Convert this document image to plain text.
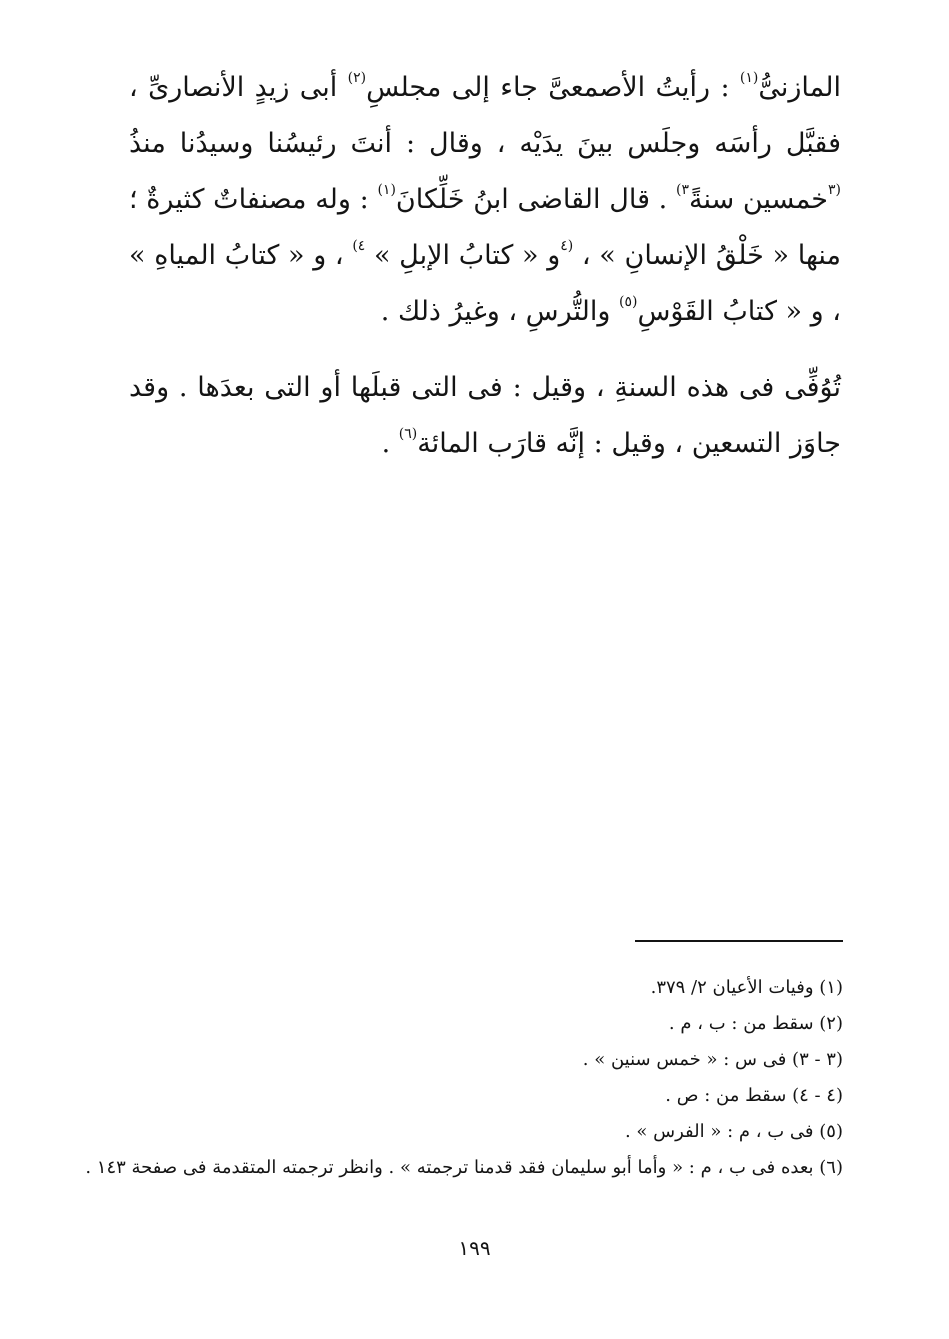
المازنىُّ$^{(١)}$ : رأيتُ الأصمعىَّ جاء إلى مجلسِ$^{(٢)}$ أبى زيدٍ الأنصارىِّ ، فقبَّل رأسَه وجلَس بينَ يدَيْه ، وقال : أنتَ رئيسُنا وسيدُنا منذُ $^{(٣}$خمسين سنةً$^{٣)}$ . قال القاضى ابنُ خَلِّكانَ$^{(١)}$ : وله مصنفاتٌ كثيرةٌ ؛ منها « خَلْقُ الإنسانِ » ، $^{(٤}$و « كتابُ الإبلِ » $^{٤)}$ ، و « كتابُ المياهِ » ، و « كتابُ القَوْسِ$^{(٥)}$ والتُّرسِ ، وغيرُ ذلك .

تُوُفِّى فى هذه السنةِ ، وقيل : فى التى قبلَها أو التى بعدَها . وقد جاوَز التسعين ، وقيل : إنَّه قارَب المائة$^{(٦)}$ .

(١) وفيات الأعيان ٢/ ٣٧٩.

(٢) سقط من : ب ، م .

(٣ - ٣) فى س : « خمس سنين » .

(٤ - ٤) سقط من : ص .

(٥) فى ب ، م : « الفرس » .

(٦) بعده فى ب ، م : « وأما أبو سليمان فقد قدمنا ترجمته » . وانظر ترجمته المتقدمة فى صفحة ١٤٣ .

١٩٩
